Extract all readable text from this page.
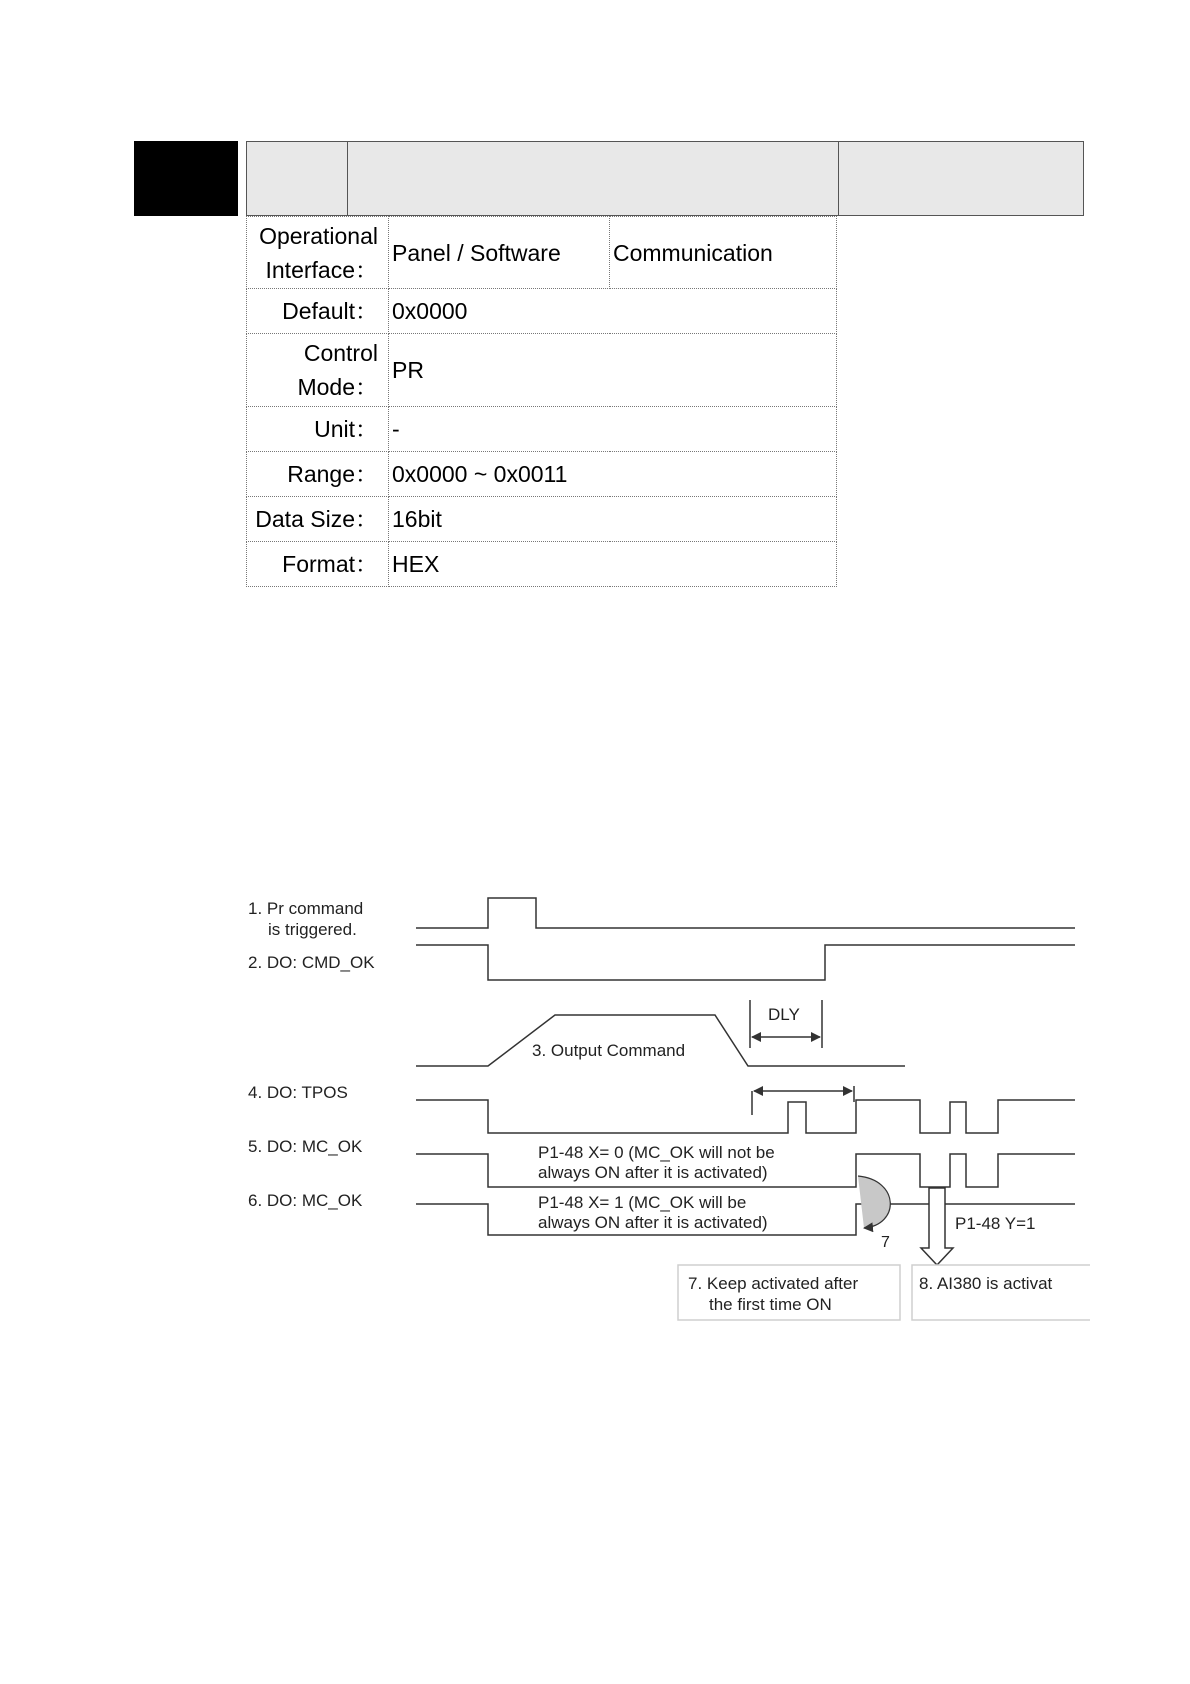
Operational Interface：	Panel / Software	Communication
Default：	0x0000	
Control Mode：	PR	
Unit：	-	
Range：	0x0000 ~ 0x0011	
Data Size：	16bit	
Format：	HEX	
1. Pr command
is triggered.
2. DO: CMD_OK
4. DO: TPOS
5. DO: MC_OK
6. DO: MC_OK
3. Output Command
DLY
P1-48 X= 0 (MC_OK will not be
always ON after it is activated)
P1-48 X= 1 (MC_OK will be
always ON after it is activated)
7
P1-48 Y=1
7. Keep activated after
the first time ON
8. AI380 is activat
